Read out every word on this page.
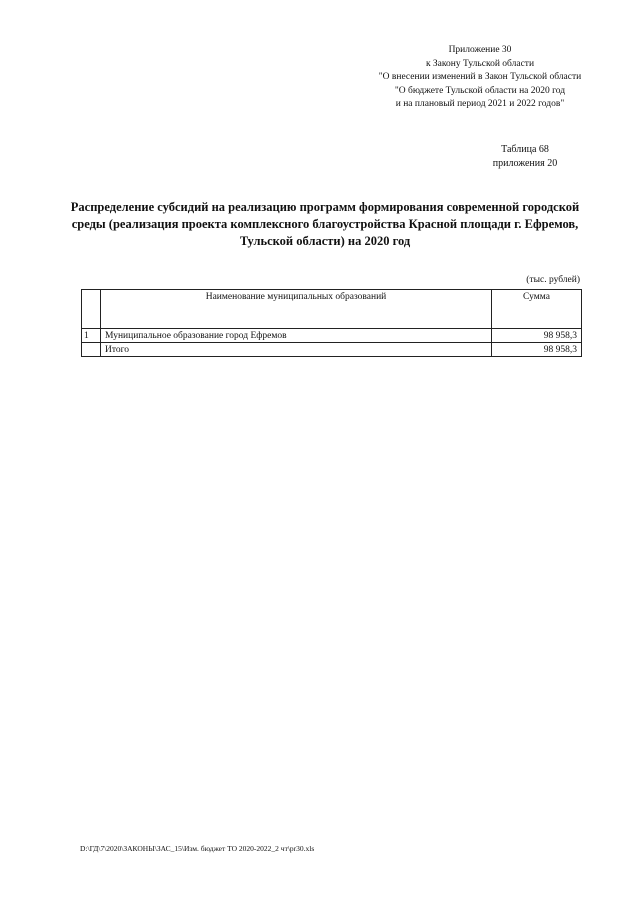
Приложение 30
к Закону Тульской области
"О внесении изменений в Закон Тульской области
"О бюджете Тульской области на 2020 год
и на плановый период 2021 и 2022 годов"
Таблица 68
приложения 20
Распределение субсидий на реализацию программ формирования современной городской среды (реализация проекта комплексного благоустройства Красной площади г. Ефремов, Тульской области) на 2020 год
(тыс. рублей)
	Наименование муниципальных образований	Сумма
1	Муниципальное образование город Ефремов	98 958,3
	Итого	98 958,3
D:\ГД\7\2020\ЗАКОНЫ\ЗАС_15\Изм. бюджет ТО 2020-2022_2 чт\pr30.xls
